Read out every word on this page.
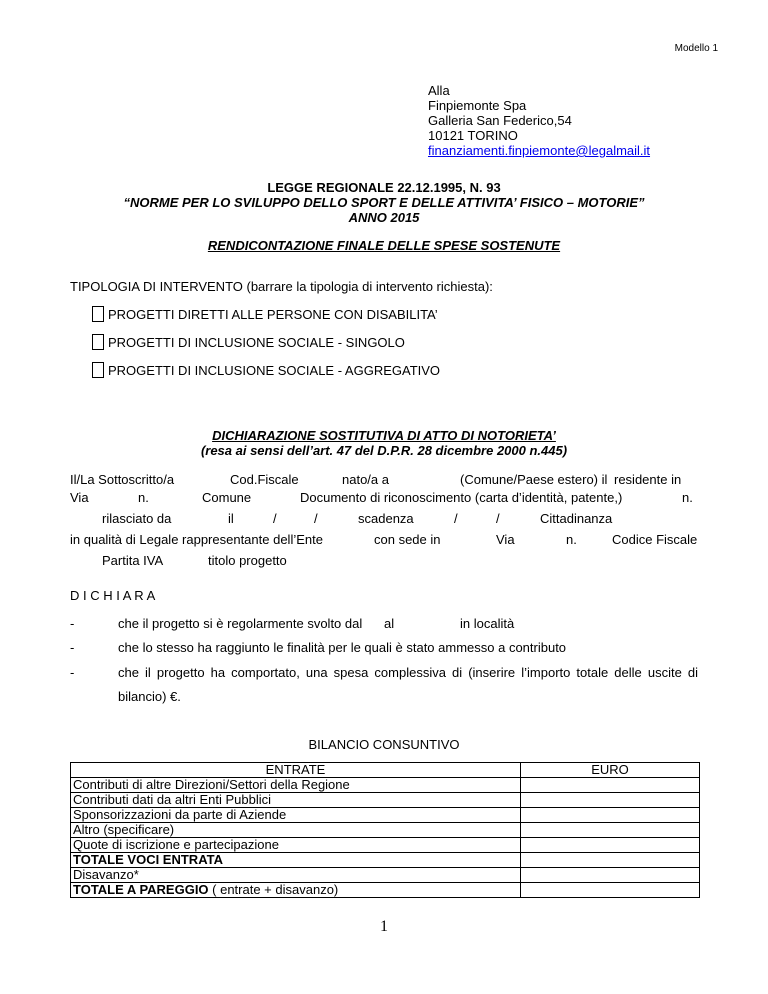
Modello 1
Alla
Finpiemonte Spa
Galleria San Federico,54
10121 TORINO
finanziamenti.finpiemonte@legalmail.it
LEGGE REGIONALE 22.12.1995, N. 93
“NORME PER LO SVILUPPO DELLO SPORT E DELLE ATTIVITA’ FISICO – MOTORIE”
ANNO 2015
RENDICONTAZIONE FINALE DELLE SPESE SOSTENUTE
TIPOLOGIA DI INTERVENTO (barrare la tipologia di intervento richiesta):
PROGETTI DIRETTI ALLE PERSONE CON DISABILITA’
PROGETTI DI INCLUSIONE SOCIALE - SINGOLO
PROGETTI DI INCLUSIONE SOCIALE - AGGREGATIVO
DICHIARAZIONE SOSTITUTIVA DI ATTO DI NOTORIETA’
(resa ai sensi dell’art. 47 del D.P.R. 28 dicembre 2000 n.445)
Il/La Sottoscritto/a	Cod.Fiscale	nato/a a	(Comune/Paese estero) il residente in
Via	n.	Comune	Documento di riconoscimento (carta d’identità, patente,)	n.
rilasciato da	il	/	/	scadenza	/	/	Cittadinanza
in qualità di Legale rappresentante dell’Ente	con sede in	Via	n.	Codice Fiscale
Partita IVA	titolo progetto
D I C H I A R A
-	che il progetto si è regolarmente svolto dal al	in località
-	che lo stesso ha raggiunto le finalità per le quali è stato ammesso a contributo
-	che il progetto ha comportato, una spesa complessiva di (inserire l’importo totale delle uscite di
bilancio) €.
BILANCIO CONSUNTIVO
ENTRATE	EURO
Contributi di altre Direzioni/Settori della Regione	
Contributi dati da altri Enti Pubblici	
Sponsorizzazioni da parte di Aziende	
Altro (specificare)	
Quote di iscrizione e partecipazione	
TOTALE VOCI ENTRATA	
Disavanzo*	
TOTALE A PAREGGIO ( entrate + disavanzo)	
1
